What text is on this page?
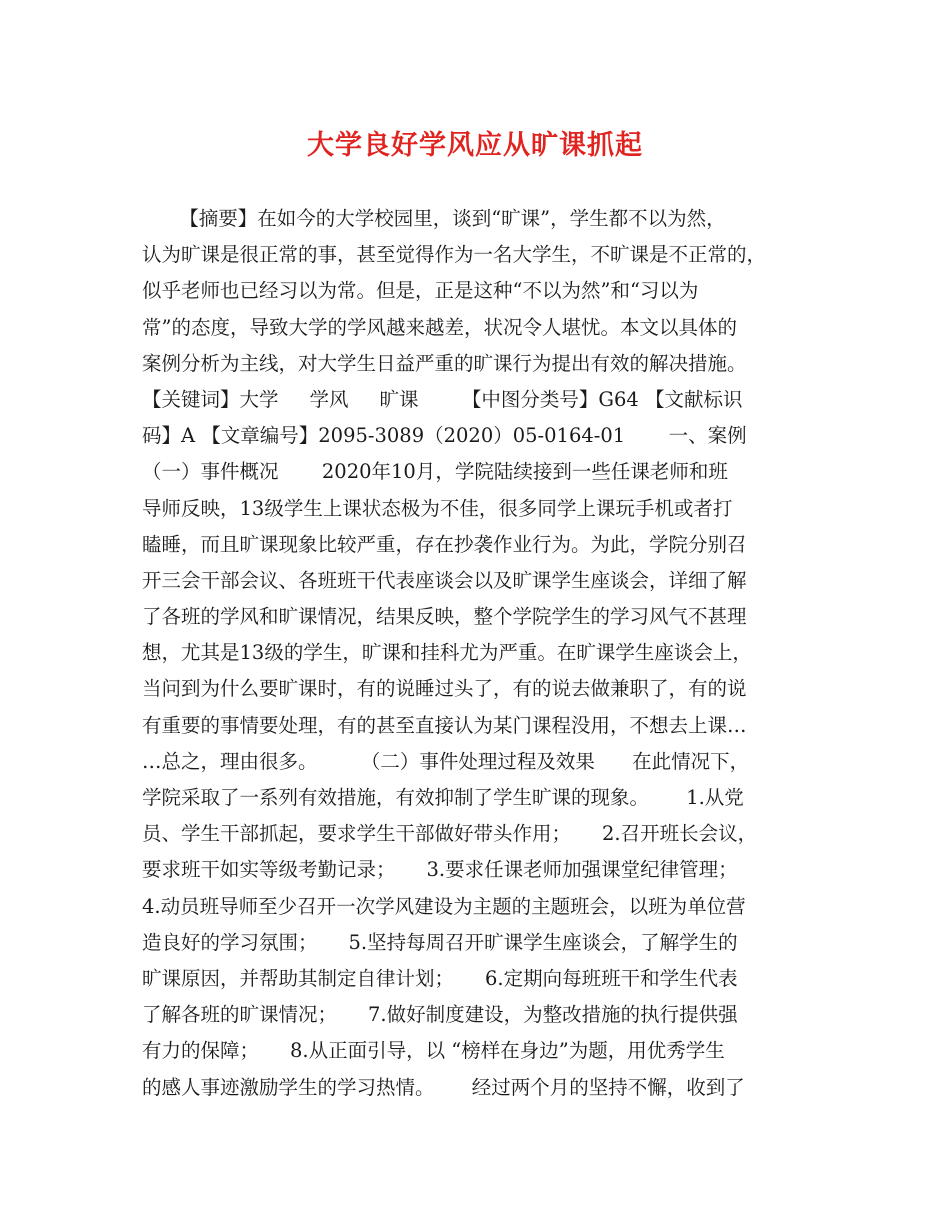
大学良好学风应从旷课抓起
【摘要】在如今的大学校园里，谈到“旷课”，学生都不以为然，
认为旷课是很正常的事，甚至觉得作为一名大学生，不旷课是不正常的，
似乎老师也已经习以为常。但是，正是这种“不以为然”和“习以为
常”的态度，导致大学的学风越来越差，状况令人堪忧。本文以具体的
案例分析为主线，对大学生日益严重的旷课行为提出有效的解决措施。
【关键词】大学     学风     旷课       【中图分类号】G64 【文献标识
码】A 【文章编号】2095-3089（2020）05-0164-01       一、案例
（一）事件概况       2020年10月，学院陆续接到一些任课老师和班
导师反映，13级学生上课状态极为不佳，很多同学上课玩手机或者打
瞌睡，而且旷课现象比较严重，存在抄袭作业行为。为此，学院分别召
开三会干部会议、各班班干代表座谈会以及旷课学生座谈会，详细了解
了各班的学风和旷课情况，结果反映，整个学院学生的学习风气不甚理
想，尤其是13级的学生，旷课和挂科尤为严重。在旷课学生座谈会上，
当问到为什么要旷课时，有的说睡过头了，有的说去做兼职了，有的说
有重要的事情要处理，有的甚至直接认为某门课程没用，不想去上课…
…总之，理由很多。       （二）事件处理过程及效果      在此情况下，
学院采取了一系列有效措施，有效抑制了学生旷课的现象。      1.从党
员、学生干部抓起，要求学生干部做好带头作用；     2.召开班长会议，
要求班干如实等级考勤记录；     3.要求任课老师加强课堂纪律管理；
4.动员班导师至少召开一次学风建设为主题的主题班会，以班为单位营
造良好的学习氛围；     5.坚持每周召开旷课学生座谈会，了解学生的
旷课原因，并帮助其制定自律计划；     6.定期向每班班干和学生代表
了解各班的旷课情况；     7.做好制度建设，为整改措施的执行提供强
有力的保障；     8.从正面引导，以 “榜样在身边”为题，用优秀学生
的感人事迹激励学生的学习热情。      经过两个月的坚持不懈，收到了
